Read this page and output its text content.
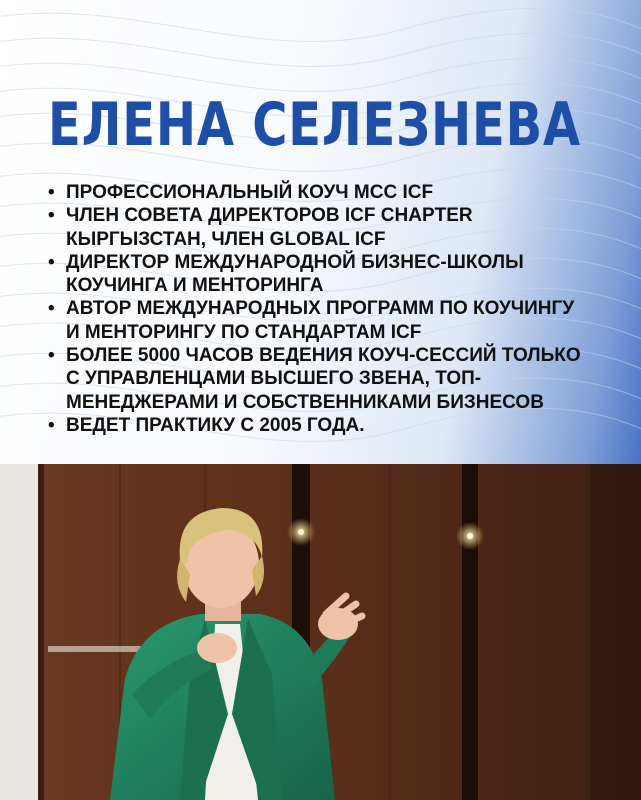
ЕЛЕНА СЕЛЕЗНЕВА
• ПРОФЕССИОНАЛЬНЫЙ КОУЧ MCC ICF
• ЧЛЕН СОВЕТА ДИРЕКТОРОВ ICF CHAPTER
КЫРГЫЗСТАН, ЧЛЕН GLOBAL ICF
• ДИРЕКТОР МЕЖДУНАРОДНОЙ БИЗНЕС-ШКОЛЫ
КОУЧИНГА И МЕНТОРИНГА
• АВТОР МЕЖДУНАРОДНЫХ ПРОГРАММ ПО КОУЧИНГУ
И МЕНТОРИНГУ ПО СТАНДАРТАМ ICF
• БОЛЕЕ 5000 ЧАСОВ ВЕДЕНИЯ КОУЧ-СЕССИЙ ТОЛЬКО
С УПРАВЛЕНЦАМИ ВЫСШЕГО ЗВЕНА, ТОП-
МЕНЕДЖЕРАМИ И СОБСТВЕННИКАМИ БИЗНЕСОВ
• ВЕДЕТ ПРАКТИКУ С 2005 ГОДА.
